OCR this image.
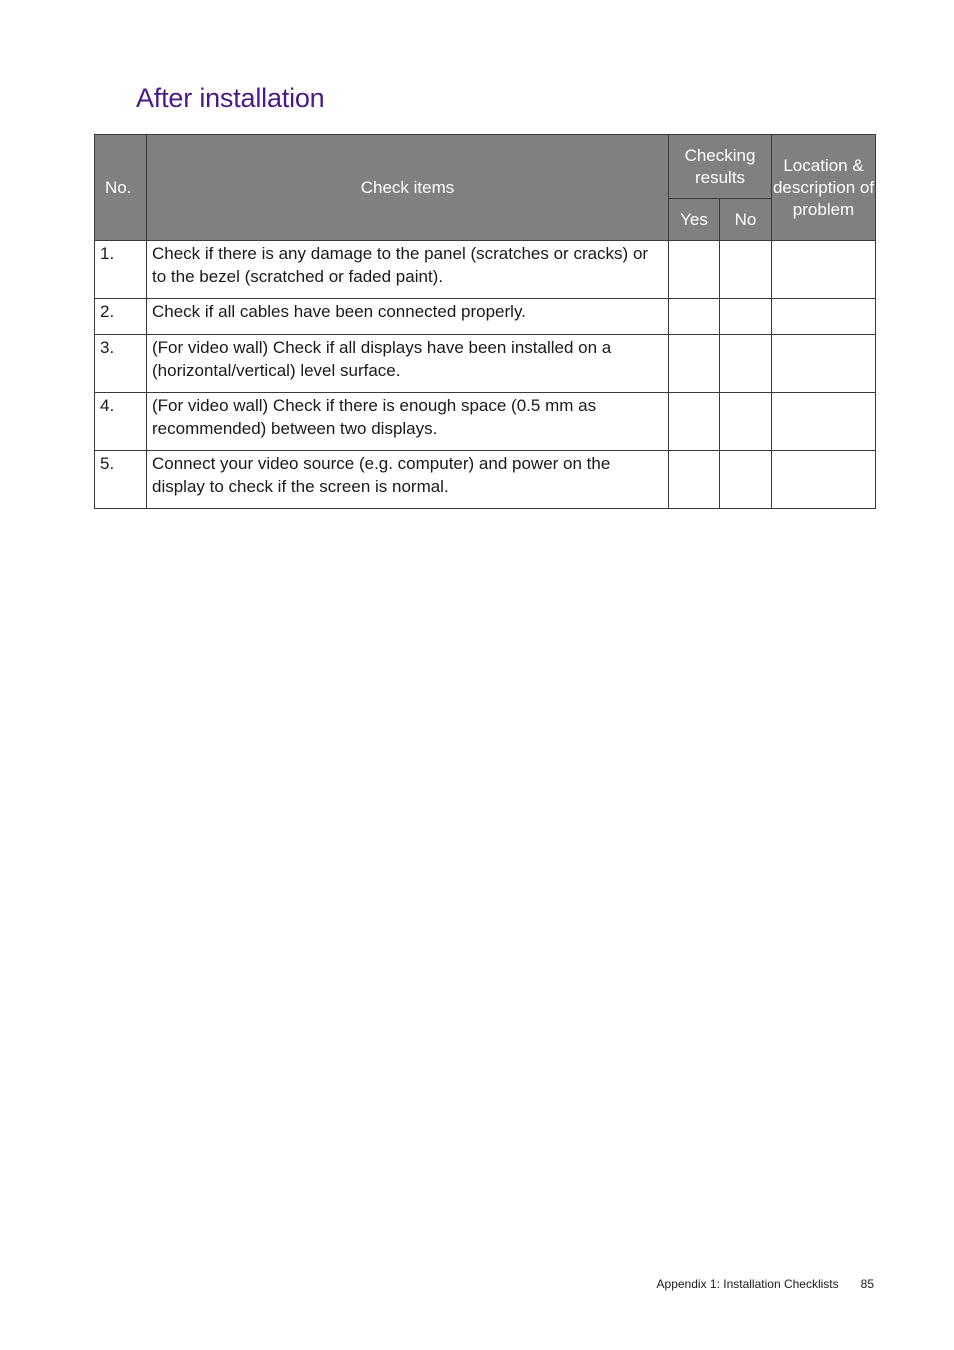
After installation
No.	Check items	Checking results		Location & description of problem
		Yes	No	
1.	Check if there is any damage to the panel (scratches or cracks) or to the bezel (scratched or faded paint).			
2.	Check if all cables have been connected properly.			
3.	(For video wall) Check if all displays have been installed on a (horizontal/vertical) level surface.			
4.	(For video wall) Check if there is enough space (0.5 mm as recommended) between two displays.			
5.	Connect your video source (e.g. computer) and power on the display to check if the screen is normal.			
Appendix 1: Installation Checklists 85
